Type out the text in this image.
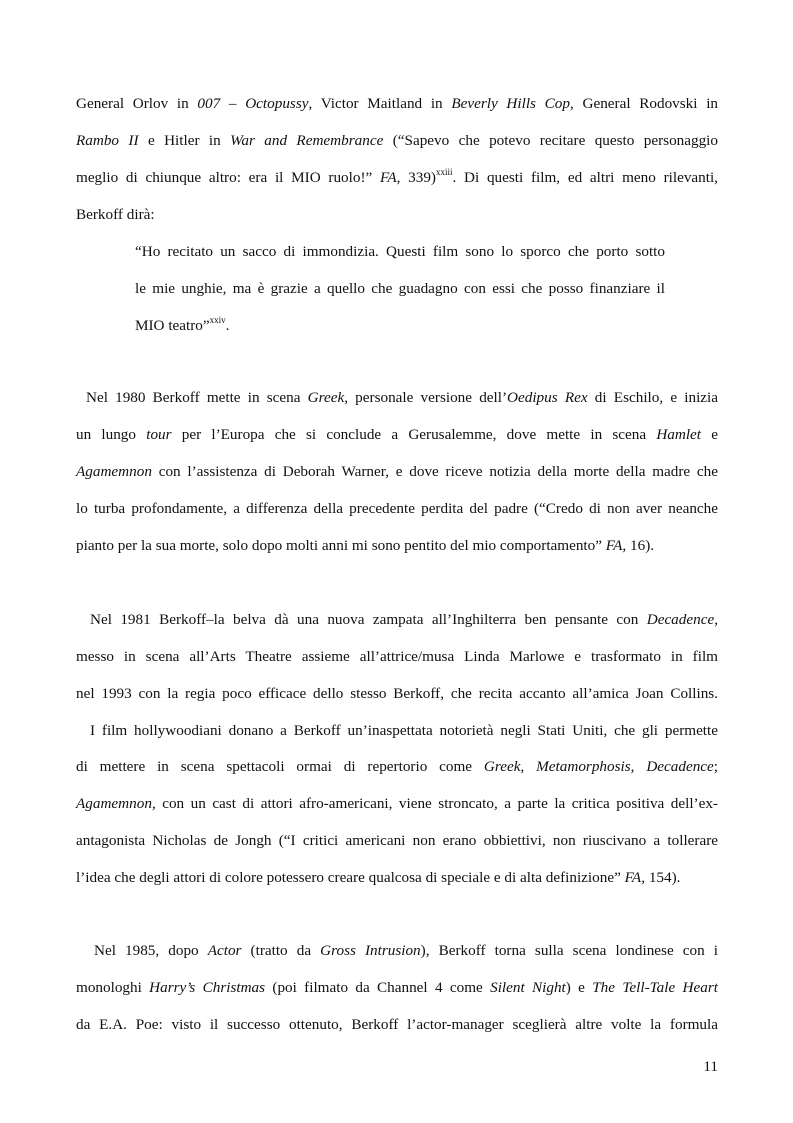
General Orlov in 007 – Octopussy, Victor Maitland in Beverly Hills Cop, General Rodovski in
Rambo II e Hitler in War and Remembrance (“Sapevo che potevo recitare questo personaggio
meglio di chiunque altro: era il MIO ruolo!” FA, 339)$^{xxiii}$. Di questi film, ed altri meno rilevanti,
Berkoff dirà:
“Ho recitato un sacco di immondizia. Questi film sono lo sporco che porto sotto
le mie unghie, ma è grazie a quello che guadagno con essi che posso finanziare il
MIO teatro”$^{xxiv}$.
Nel 1980 Berkoff mette in scena Greek, personale versione dell’Oedipus Rex di Eschilo, e inizia
un lungo tour per l’Europa che si conclude a Gerusalemme, dove mette in scena Hamlet e
Agamemnon con l’assistenza di Deborah Warner, e dove riceve notizia della morte della madre che
lo turba profondamente, a differenza della precedente perdita del padre (“Credo di non aver neanche
pianto per la sua morte, solo dopo molti anni mi sono pentito del mio comportamento” FA, 16).
Nel 1981 Berkoff–la belva dà una nuova zampata all’Inghilterra ben pensante con Decadence,
messo in scena all’Arts Theatre assieme all’attrice/musa Linda Marlowe e trasformato in film
nel 1993 con la regia poco efficace dello stesso Berkoff, che recita accanto all’amica Joan Collins.
I film hollywoodiani donano a Berkoff un’inaspettata notorietà negli Stati Uniti, che gli permette
di mettere in scena spettacoli ormai di repertorio come Greek, Metamorphosis, Decadence;
Agamemnon, con un cast di attori afro-americani, viene stroncato, a parte la critica positiva dell’ex-
antagonista Nicholas de Jongh (“I critici americani non erano obbiettivi, non riuscivano a tollerare
l’idea che degli attori di colore potessero creare qualcosa di speciale e di alta definizione” FA, 154).
Nel 1985, dopo Actor (tratto da Gross Intrusion), Berkoff torna sulla scena londinese con i
monologhi Harry’s Christmas (poi filmato da Channel 4 come Silent Night) e The Tell-Tale Heart
da E.A. Poe: visto il successo ottenuto, Berkoff l’actor-manager sceglierà altre volte la formula
11
